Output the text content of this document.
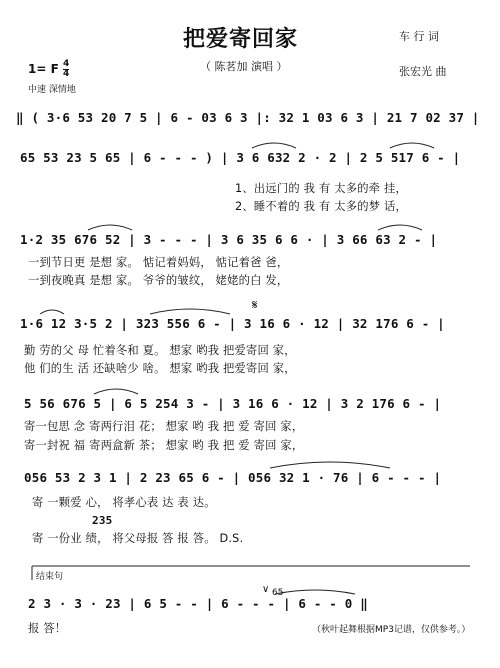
把爱寄回家
（ 陈茗加 演唱 ）
1= F $\frac{4}{4}$
中速 深情地
车 行 词
张宏光 曲
‖ ( 3·6 53 20 7 5 | 6 - 03 6 3 |: 32 1 03 6 3 | 21 7 02 37 |
65 53 23 5 65 | 6 - - - ) | 3 6 632 2 · 2 | 2 5 517 6 - |
1、出远门的 我 有 太多的牵 挂，
2、睡不着的 我 有 太多的梦 话，
1·2 35 676 52 | 3 - - - | 3 6 35 6 6 · | 3 66 63 2 - |
一到节日更 是想 家。 惦记着妈妈， 惦记着爸 爸，
一到夜晚真 是想 家。 爷爷的皱纹， 姥姥的白 发，
𝄋
1·6 12 3·5 2 | 323 556 6 - | 3 16 6 · 12 | 32 176 6 - |
勤 劳的父 母 忙着冬和 夏。 想家 哟我 把爱寄回 家，
他 们的生 活 还缺啥少 啥。 想家 哟我 把爱寄回 家，
5 56 676 5 | 6 5 254 3 - | 3 16 6 · 12 | 3 2 176 6 - |
寄一包思 念 寄两行泪 花； 想家 哟 我 把 爱 寄回 家，
寄一封祝 福 寄两盒新 茶； 想家 哟 我 把 爱 寄回 家，
056 53 2 3 1 | 2 23 65 6 - | 056 32 1 · 76 | 6 - - - |
寄 一颗爱 心， 将孝心表 达 表 达。
235
寄 一份业 绩， 将父母报 答 报 答。 D.S.
结束句
65
∨
2 3 · 3 · 23 | 6 5 - - | 6 - - - | 6 - - 0 ‖
报 答！	（秋叶起舞根据MP3记谱，仅供参考。）
